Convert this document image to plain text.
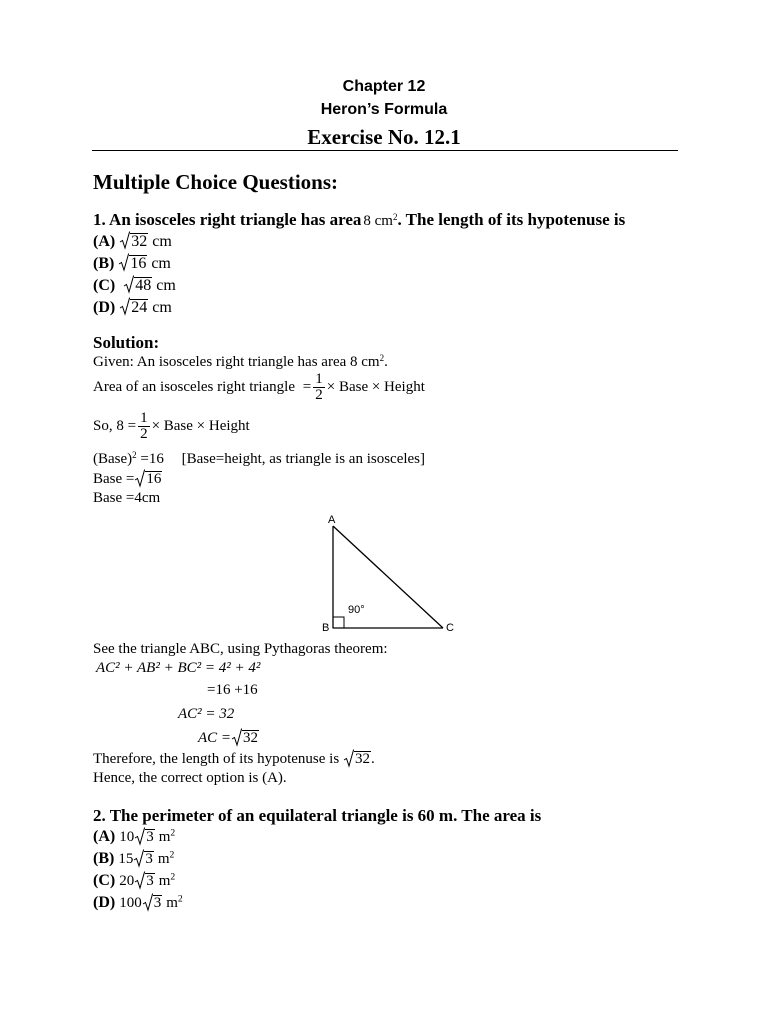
Chapter 12
Heron’s Formula
Exercise No. 12.1
Multiple Choice Questions:
1. An isosceles right triangle has area 8 $cm^2$. The length of its hypotenuse is
(A) 32 cm
(B) 16 cm
(C) 48 cm
(D) 24 cm
Solution:
Given: An isosceles right triangle has area 8 $cm^2$.
Area of an isosceles right triangle = $\frac{1}{2}$ × Base × Height
So, $8 = \frac{1}{2}$ × Base × Height
(Base)$^2$ =16 [Base=height, as triangle is an isosceles]
Base = 16
Base =4cm
A
B	C
90°
See the triangle ABC, using Pythagoras theorem:
AC² + AB² + BC² = 4² + 4²
=16 +16
AC² = 32
AC = 32
Therefore, the length of its hypotenuse is 32.
Hence, the correct option is (A).
2. The perimeter of an equilateral triangle is 60 m. The area is
(A) 10 3 $m^2$
(B) 15 3 $m^2$
(C) 20 3 $m^2$
(D) 100 3 $m^2$
